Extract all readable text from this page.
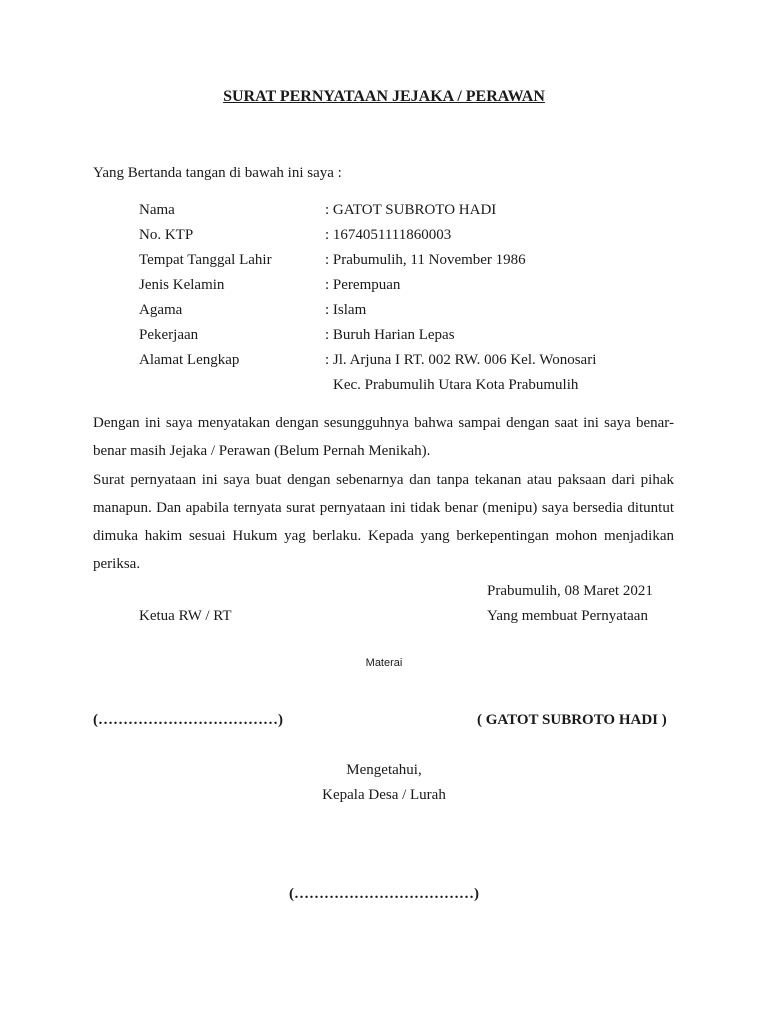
SURAT PERNYATAAN JEJAKA / PERAWAN
Yang Bertanda tangan di bawah ini saya :
Nama	: GATOT SUBROTO HADI
No. KTP	: 1674051111860003
Tempat Tanggal Lahir	: Prabumulih, 11 November 1986
Jenis Kelamin	: Perempuan
Agama	: Islam
Pekerjaan	: Buruh Harian Lepas
Alamat Lengkap	: Jl. Arjuna I RT. 002 RW. 006 Kel. Wonosari
Kec. Prabumulih Utara Kota Prabumulih
Dengan ini saya menyatakan dengan sesungguhnya bahwa sampai dengan saat ini saya benar-benar masih Jejaka / Perawan (Belum Pernah Menikah).
Surat pernyataan ini saya buat dengan sebenarnya dan tanpa tekanan atau paksaan dari pihak manapun. Dan apabila ternyata surat pernyataan ini tidak benar (menipu) saya bersedia dituntut dimuka hakim sesuai Hukum yag berlaku. Kepada yang berkepentingan mohon menjadikan periksa.
Prabumulih, 08 Maret 2021
Ketua RW / RT	Yang membuat Pernyataan
Materai
(………………………………)	( GATOT SUBROTO HADI )
Mengetahui,
Kepala Desa / Lurah
(………………………………)
